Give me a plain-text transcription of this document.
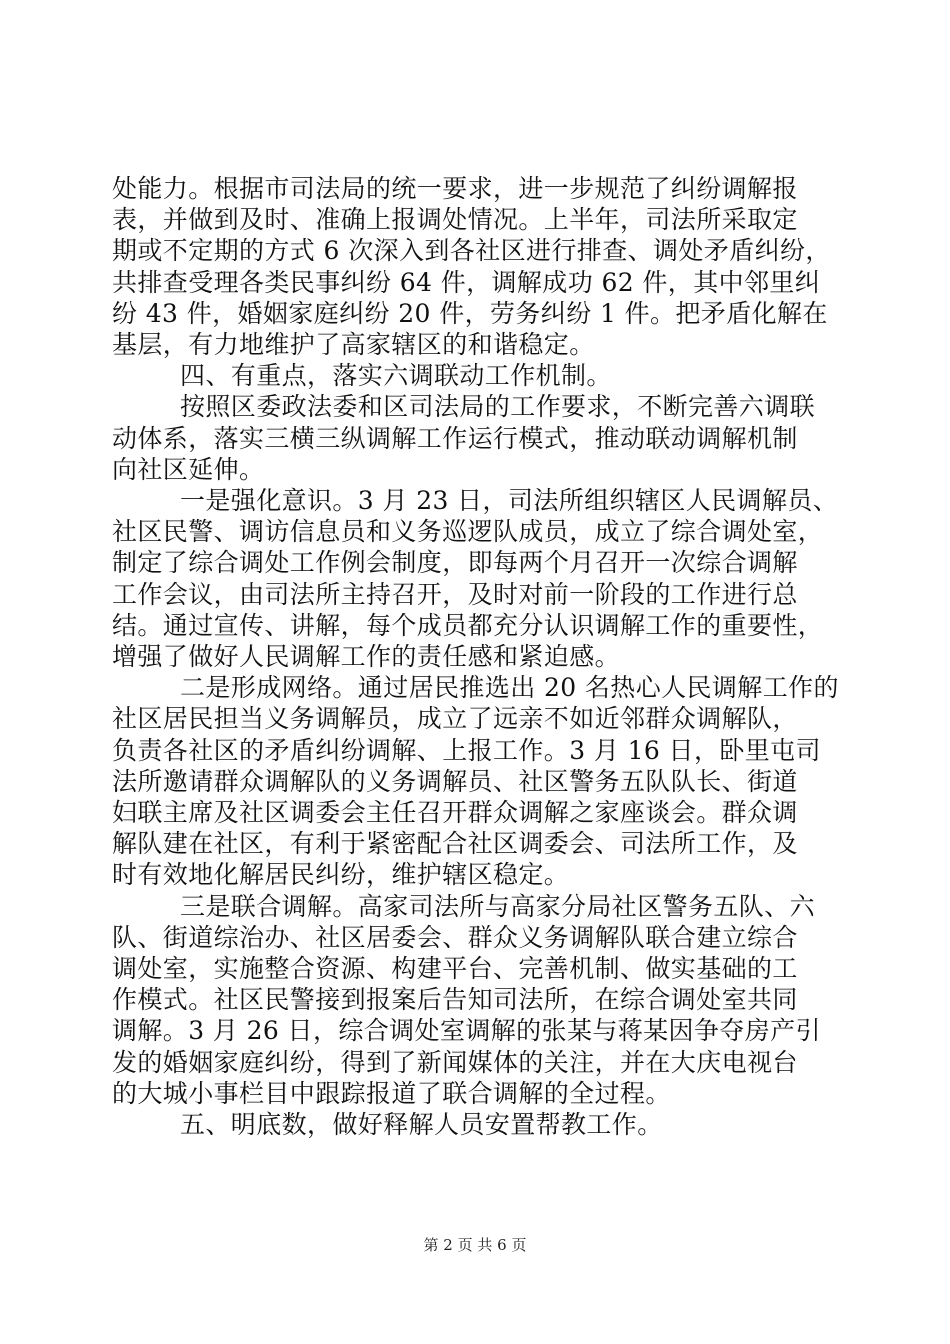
处能力。根据市司法局的统一要求，进一步规范了纠纷调解报
表，并做到及时、准确上报调处情况。上半年，司法所采取定
期或不定期的方式 6 次深入到各社区进行排查、调处矛盾纠纷，
共排查受理各类民事纠纷 64 件，调解成功 62 件，其中邻里纠
纷 43 件，婚姻家庭纠纷 20 件，劳务纠纷 1 件。把矛盾化解在
基层，有力地维护了高家辖区的和谐稳定。
四、有重点，落实六调联动工作机制。
按照区委政法委和区司法局的工作要求，不断完善六调联
动体系，落实三横三纵调解工作运行模式，推动联动调解机制
向社区延伸。
一是强化意识。3 月 23 日，司法所组织辖区人民调解员、
社区民警、调访信息员和义务巡逻队成员，成立了综合调处室，
制定了综合调处工作例会制度，即每两个月召开一次综合调解
工作会议，由司法所主持召开，及时对前一阶段的工作进行总
结。通过宣传、讲解，每个成员都充分认识调解工作的重要性，
增强了做好人民调解工作的责任感和紧迫感。
二是形成网络。通过居民推选出 20 名热心人民调解工作的
社区居民担当义务调解员，成立了远亲不如近邻群众调解队，
负责各社区的矛盾纠纷调解、上报工作。3 月 16 日，卧里屯司
法所邀请群众调解队的义务调解员、社区警务五队队长、街道
妇联主席及社区调委会主任召开群众调解之家座谈会。群众调
解队建在社区，有利于紧密配合社区调委会、司法所工作，及
时有效地化解居民纠纷，维护辖区稳定。
三是联合调解。高家司法所与高家分局社区警务五队、六
队、街道综治办、社区居委会、群众义务调解队联合建立综合
调处室，实施整合资源、构建平台、完善机制、做实基础的工
作模式。社区民警接到报案后告知司法所，在综合调处室共同
调解。3 月 26 日，综合调处室调解的张某与蒋某因争夺房产引
发的婚姻家庭纠纷，得到了新闻媒体的关注，并在大庆电视台
的大城小事栏目中跟踪报道了联合调解的全过程。
五、明底数，做好释解人员安置帮教工作。
第 2 页 共 6 页
